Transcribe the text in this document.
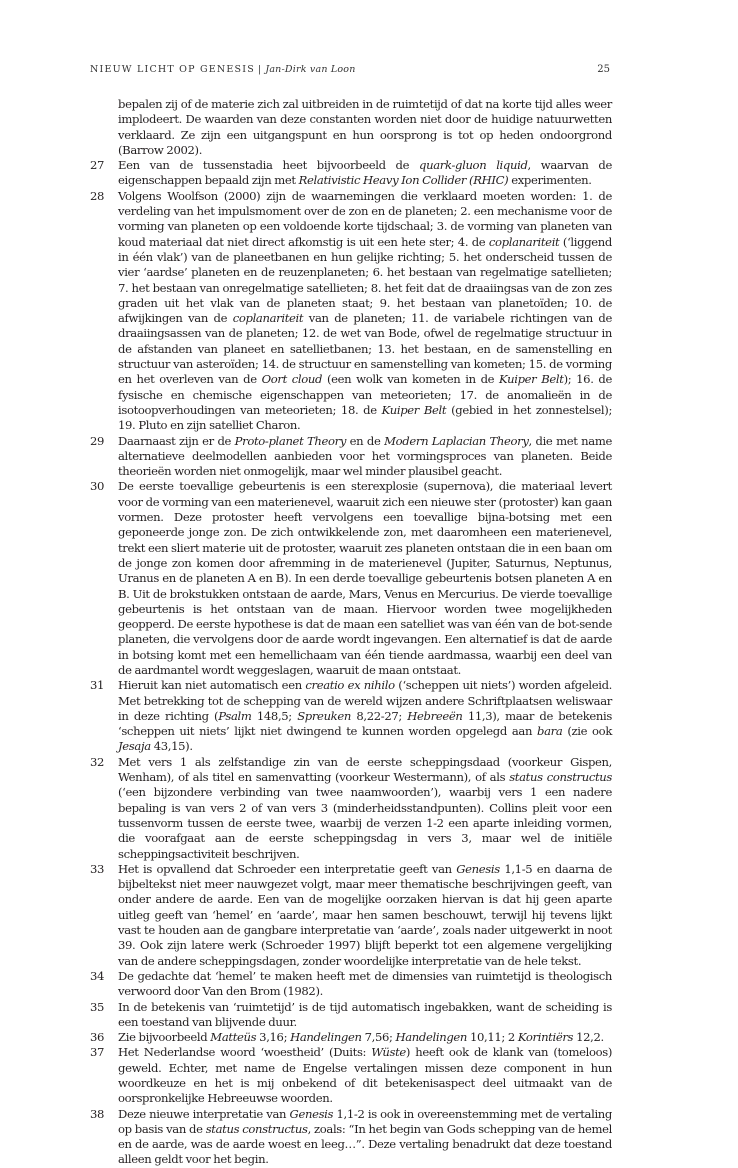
NIEUW LICHT OP GENESIS | Jan-Dirk van Loon	25

bepalen zij of de materie zich zal uitbreiden in de ruimtetijd of dat na korte tijd alles weer implodeert. De waarden van deze constanten worden niet door de huidige natuurwetten verklaard. Ze zijn een uitgangspunt en hun oorsprong is tot op heden ondoorgrond (Barrow 2002).

27 Een van de tussenstadia heet bijvoorbeeld de quark-gluon liquid, waarvan de eigenschappen bepaald zijn met Relativistic Heavy Ion Collider (RHIC) experimenten.

28 Volgens Woolfson (2000) zijn de waarnemingen die verklaard moeten worden: 1. de verdeling van het impulsmoment over de zon en de planeten; 2. een mechanisme voor de vorming van planeten op een voldoende korte tijdschaal; 3. de vorming van planeten van koud materiaal dat niet direct afkomstig is uit een hete ster; 4. de coplanariteit (‘liggend in één vlak’) van de planeetbanen en hun gelijke richting; 5. het onderscheid tussen de vier ‘aardse’ planeten en de reuzenplaneten; 6. het bestaan van regelmatige satellieten; 7. het bestaan van onregelmatige satellieten; 8. het feit dat de draaiingsas van de zon zes graden uit het vlak van de planeten staat; 9. het bestaan van planetoïden; 10. de afwijkingen van de coplanariteit van de planeten; 11. de variabele richtingen van de draaiingsassen van de planeten; 12. de wet van Bode, ofwel de regelmatige structuur in de afstanden van planeet en satellietbanen; 13. het bestaan, en de samenstelling en structuur van asteroïden; 14. de structuur en samenstelling van kometen; 15. de vorming en het overleven van de Oort cloud (een wolk van kometen in de Kuiper Belt); 16. de fysische en chemische eigenschappen van meteorieten; 17. de anomalieën in de isotoopverhoudingen van meteorieten; 18. de Kuiper Belt (gebied in het zonnestelsel); 19. Pluto en zijn satelliet Charon.

29 Daarnaast zijn er de Proto-planet Theory en de Modern Laplacian Theory, die met name alternatieve deelmodellen aanbieden voor het vormingsproces van planeten. Beide theorieën worden niet onmogelijk, maar wel minder plausibel geacht.

30 De eerste toevallige gebeurtenis is een sterexplosie (supernova), die materiaal levert voor de vorming van een materienevel, waaruit zich een nieuwe ster (protoster) kan gaan vormen. Deze protoster heeft vervolgens een toevallige bijna-botsing met een geponeerde jonge zon. De zich ontwikkelende zon, met daaromheen een materienevel, trekt een sliert materie uit de protoster, waaruit zes planeten ontstaan die in een baan om de jonge zon komen door afremming in de materienevel (Jupiter, Saturnus, Neptunus, Uranus en de planeten A en B). In een derde toevallige gebeurtenis botsen planeten A en B. Uit de brokstukken ontstaan de aarde, Mars, Venus en Mercurius. De vierde toevallige gebeurtenis is het ontstaan van de maan. Hiervoor worden twee mogelijkheden geopperd. De eerste hypothese is dat de maan een satelliet was van één van de bot-sende planeten, die vervolgens door de aarde wordt ingevangen. Een alternatief is dat de aarde in botsing komt met een hemellichaam van één tiende aardmassa, waarbij een deel van de aardmantel wordt weggeslagen, waaruit de maan ontstaat.

31 Hieruit kan niet automatisch een creatio ex nihilo (‘scheppen uit niets’) worden afgeleid. Met betrekking tot de schepping van de wereld wijzen andere Schriftplaatsen weliswaar in deze richting (Psalm 148,5; Spreuken 8,22-27; Hebreeën 11,3), maar de betekenis ‘scheppen uit niets’ lijkt niet dwingend te kunnen worden opgelegd aan bara (zie ook Jesaja 43,15).

32 Met vers 1 als zelfstandige zin van de eerste scheppingsdaad (voorkeur Gispen, Wenham), of als titel en samenvatting (voorkeur Westermann), of als status constructus (‘een bijzondere verbinding van twee naamwoorden’), waarbij vers 1 een nadere bepaling is van vers 2 of van vers 3 (minderheidsstandpunten). Collins pleit voor een tussenvorm tussen de eerste twee, waarbij de verzen 1-2 een aparte inleiding vormen, die voorafgaat aan de eerste scheppingsdag in vers 3, maar wel de initiële scheppingsactiviteit beschrijven.

33 Het is opvallend dat Schroeder een interpretatie geeft van Genesis 1,1-5 en daarna de bijbeltekst niet meer nauwgezet volgt, maar meer thematische beschrijvingen geeft, van onder andere de aarde. Een van de mogelijke oorzaken hiervan is dat hij geen aparte uitleg geeft van ‘hemel’ en ‘aarde’, maar hen samen beschouwt, terwijl hij tevens lijkt vast te houden aan de gangbare interpretatie van ‘aarde’, zoals nader uitgewerkt in noot 39. Ook zijn latere werk (Schroeder 1997) blijft beperkt tot een algemene vergelijking van de andere scheppingsdagen, zonder woordelijke interpretatie van de hele tekst.

34 De gedachte dat ‘hemel’ te maken heeft met de dimensies van ruimtetijd is theologisch verwoord door Van den Brom (1982).

35 In de betekenis van ‘ruimtetijd’ is de tijd automatisch ingebakken, want de scheiding is een toestand van blijvende duur.

36 Zie bijvoorbeeld Matteüs 3,16; Handelingen 7,56; Handelingen 10,11; 2 Korintiërs 12,2.

37 Het Nederlandse woord ‘woestheid’ (Duits: Wüste) heeft ook de klank van (tomeloos) geweld. Echter, met name de Engelse vertalingen missen deze component in hun woordkeuze en het is mij onbekend of dit betekenisaspect deel uitmaakt van de oorspronkelijke Hebreeuwse woorden.

38 Deze nieuwe interpretatie van Genesis 1,1-2 is ook in overeenstemming met de vertaling op basis van de status constructus, zoals: “In het begin van Gods schepping van de hemel en de aarde, was de aarde woest en leeg…”. Deze vertaling benadrukt dat deze toestand alleen geldt voor het begin.
